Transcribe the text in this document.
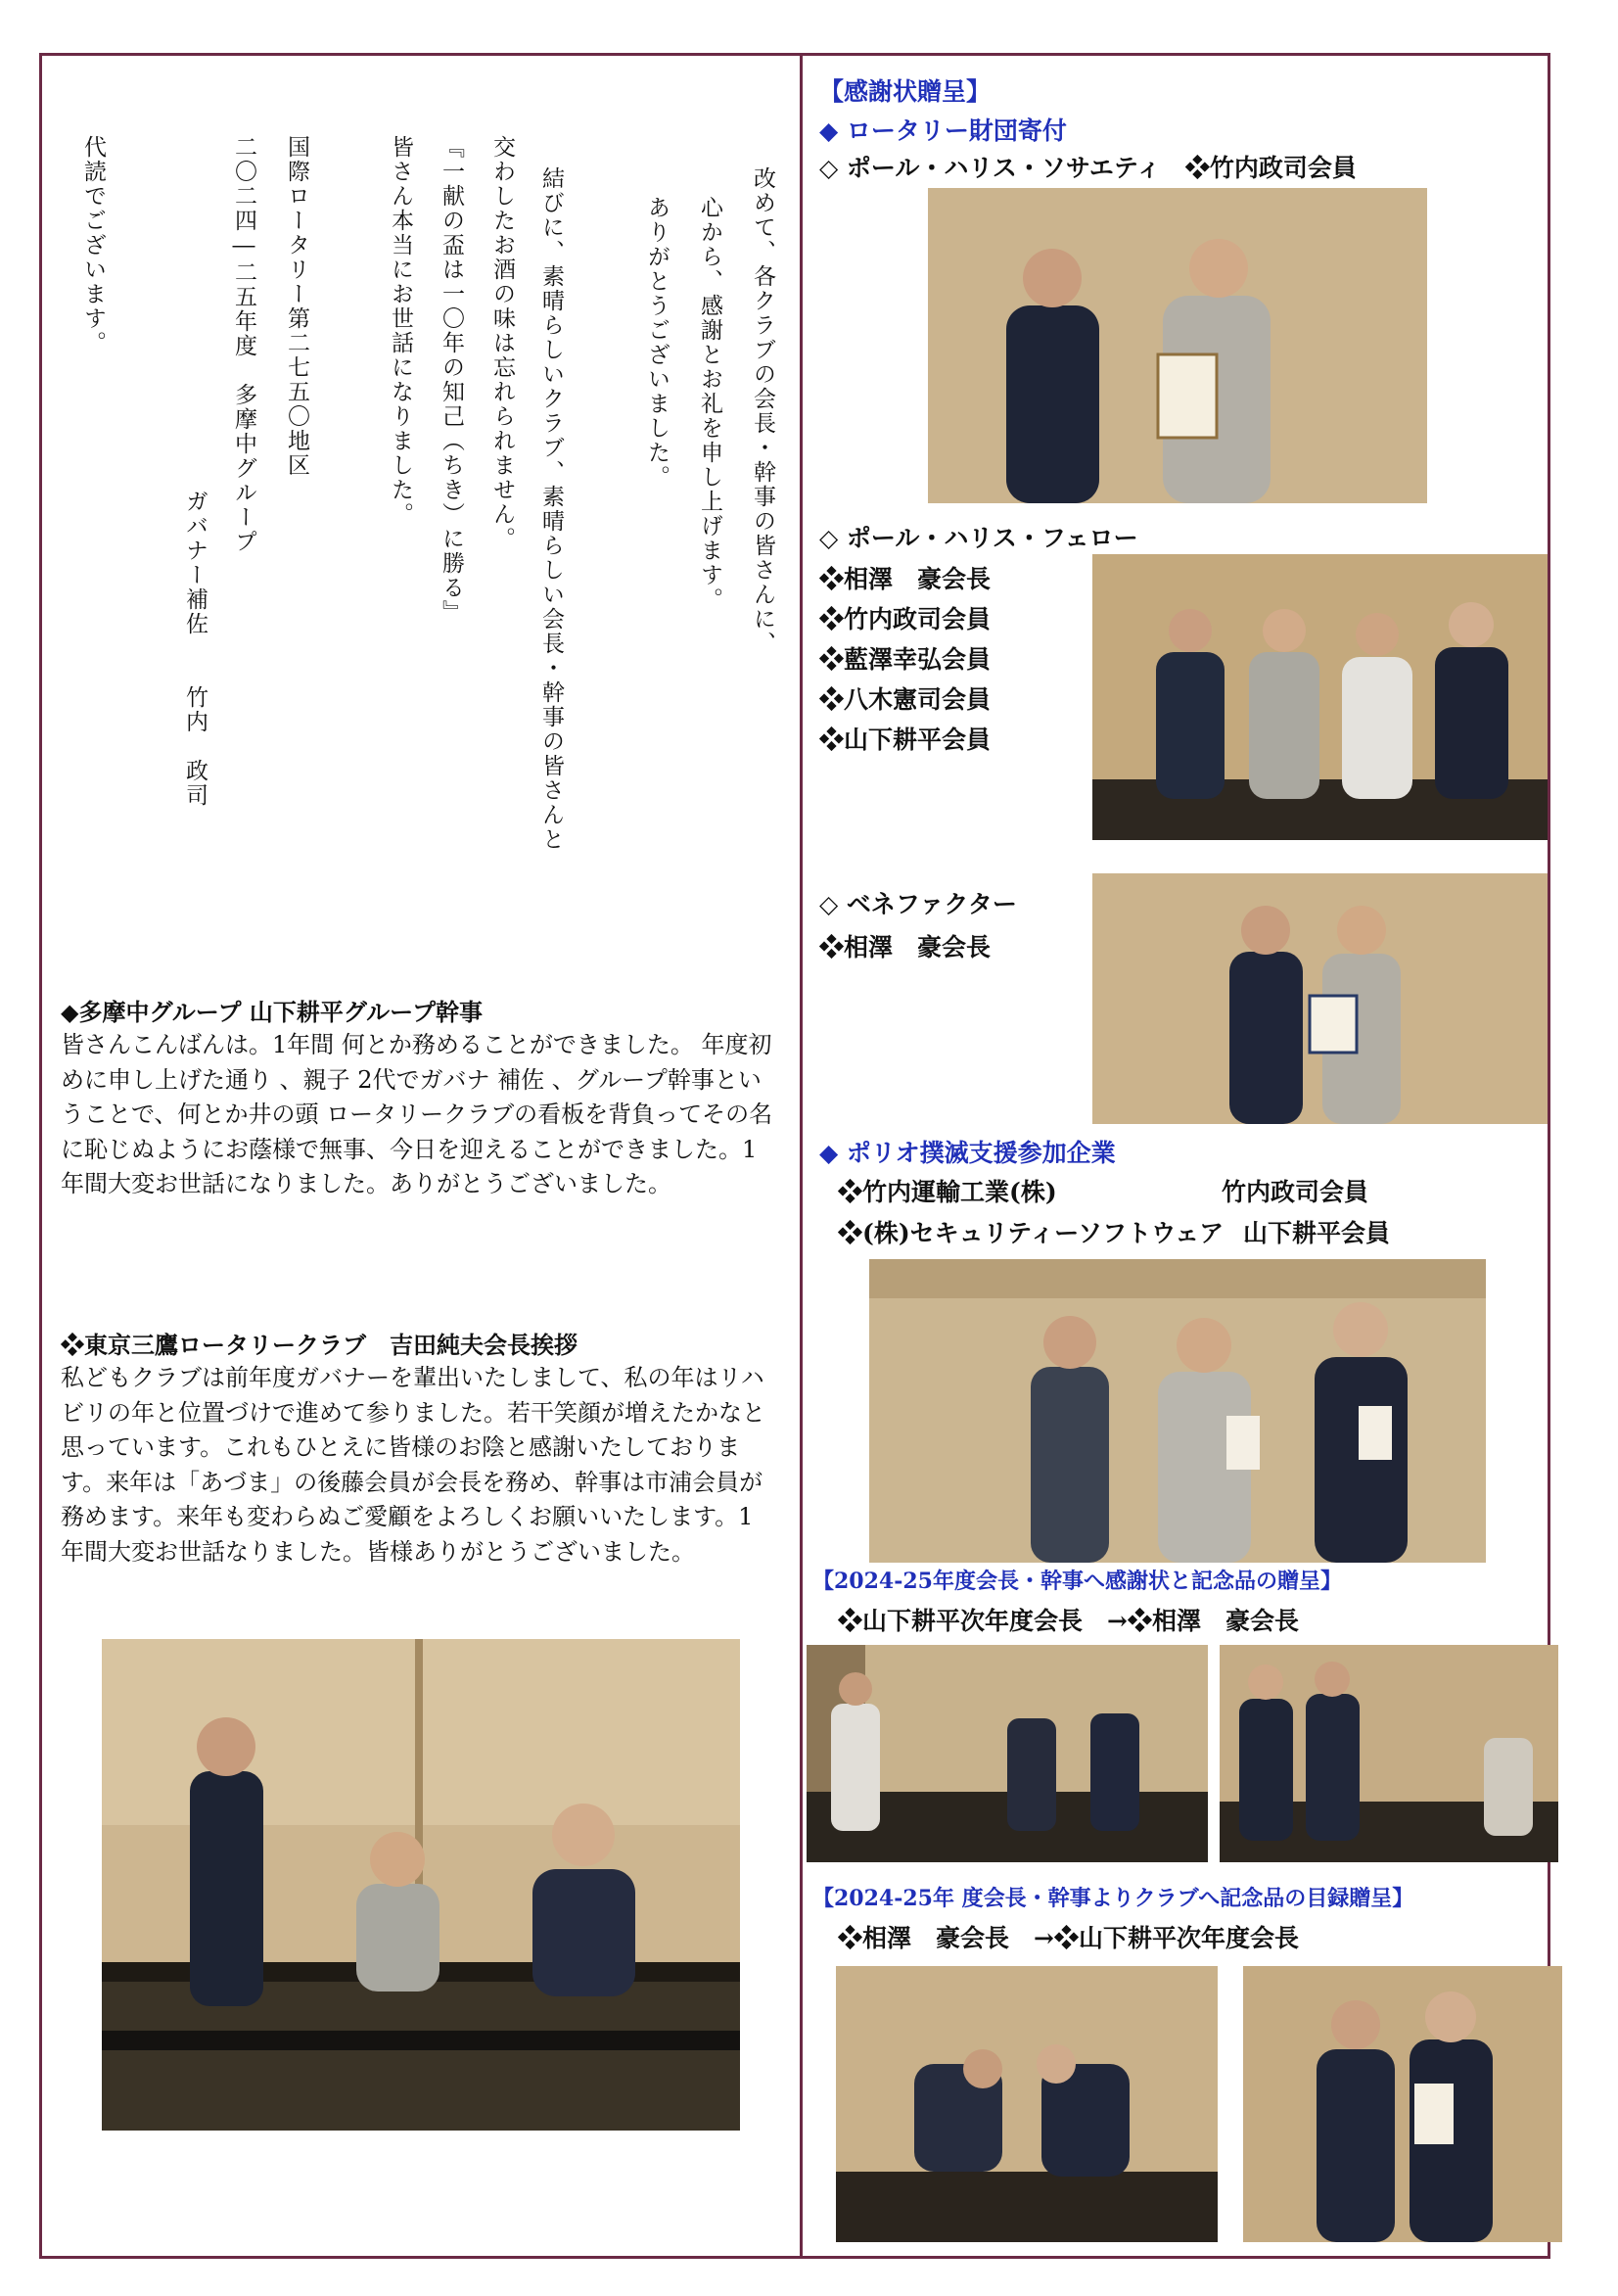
改めて、各クラブの会長・幹事の皆さんに、
心から、感謝とお礼を申し上げます。
ありがとうございました。
結びに、素晴らしいクラブ、素晴らしい会長・幹事の皆さんと
交わしたお酒の味は忘れられません。
『一献の盃は一〇年の知己（ちき）に勝る』
皆さん本当にお世話になりました。
国際ロータリー第二七五〇地区
二〇二四―二五年度　多摩中グループ
ガバナー補佐　　竹内　政司
代読でございます。
◆多摩中グループ 山下耕平グループ幹事
皆さんこんばんは。1年間 何とか務めることができました。 年度初めに申し上げた通り 、親子 2代でガバナ 補佐 、グループ幹事ということで、何とか井の頭 ロータリークラブの看板を背負ってその名に恥じぬようにお蔭様で無事、今日を迎えることができました。1年間大変お世話になりました。ありがとうございました。
❖東京三鷹ロータリークラブ　吉田純夫会長挨拶
私どもクラブは前年度ガバナーを輩出いたしまして、私の年はリハビリの年と位置づけで進めて参りました。若干笑顔が増えたかなと思っています。これもひとえに皆様のお陰と感謝いたしております。来年は「あづま」の後藤会員が会長を務め、幹事は市浦会員が務めます。来年も変わらぬご愛顧をよろしくお願いいたします。1年間大変お世話なりました。皆様ありがとうございました。
【感謝状贈呈】
◆ ロータリー財団寄付
◇ ポール・ハリス・ソサエティ　❖竹内政司会員
◇ ポール・ハリス・フェロー
❖相澤　豪会長
❖竹内政司会員
❖藍澤幸弘会員
❖八木憲司会員
❖山下耕平会員
◇ ベネファクター
❖相澤　豪会長
◆ ポリオ撲滅支援参加企業
❖竹内運輸工業(株)	竹内政司会員
❖(株)セキュリティーソフトウェア 山下耕平会員
【2024-25年度会長・幹事へ感謝状と記念品の贈呈】
❖山下耕平次年度会長　→❖相澤　豪会長
【2024-25年 度会長・幹事よりクラブへ記念品の目録贈呈】
❖相澤　豪会長　→❖山下耕平次年度会長
